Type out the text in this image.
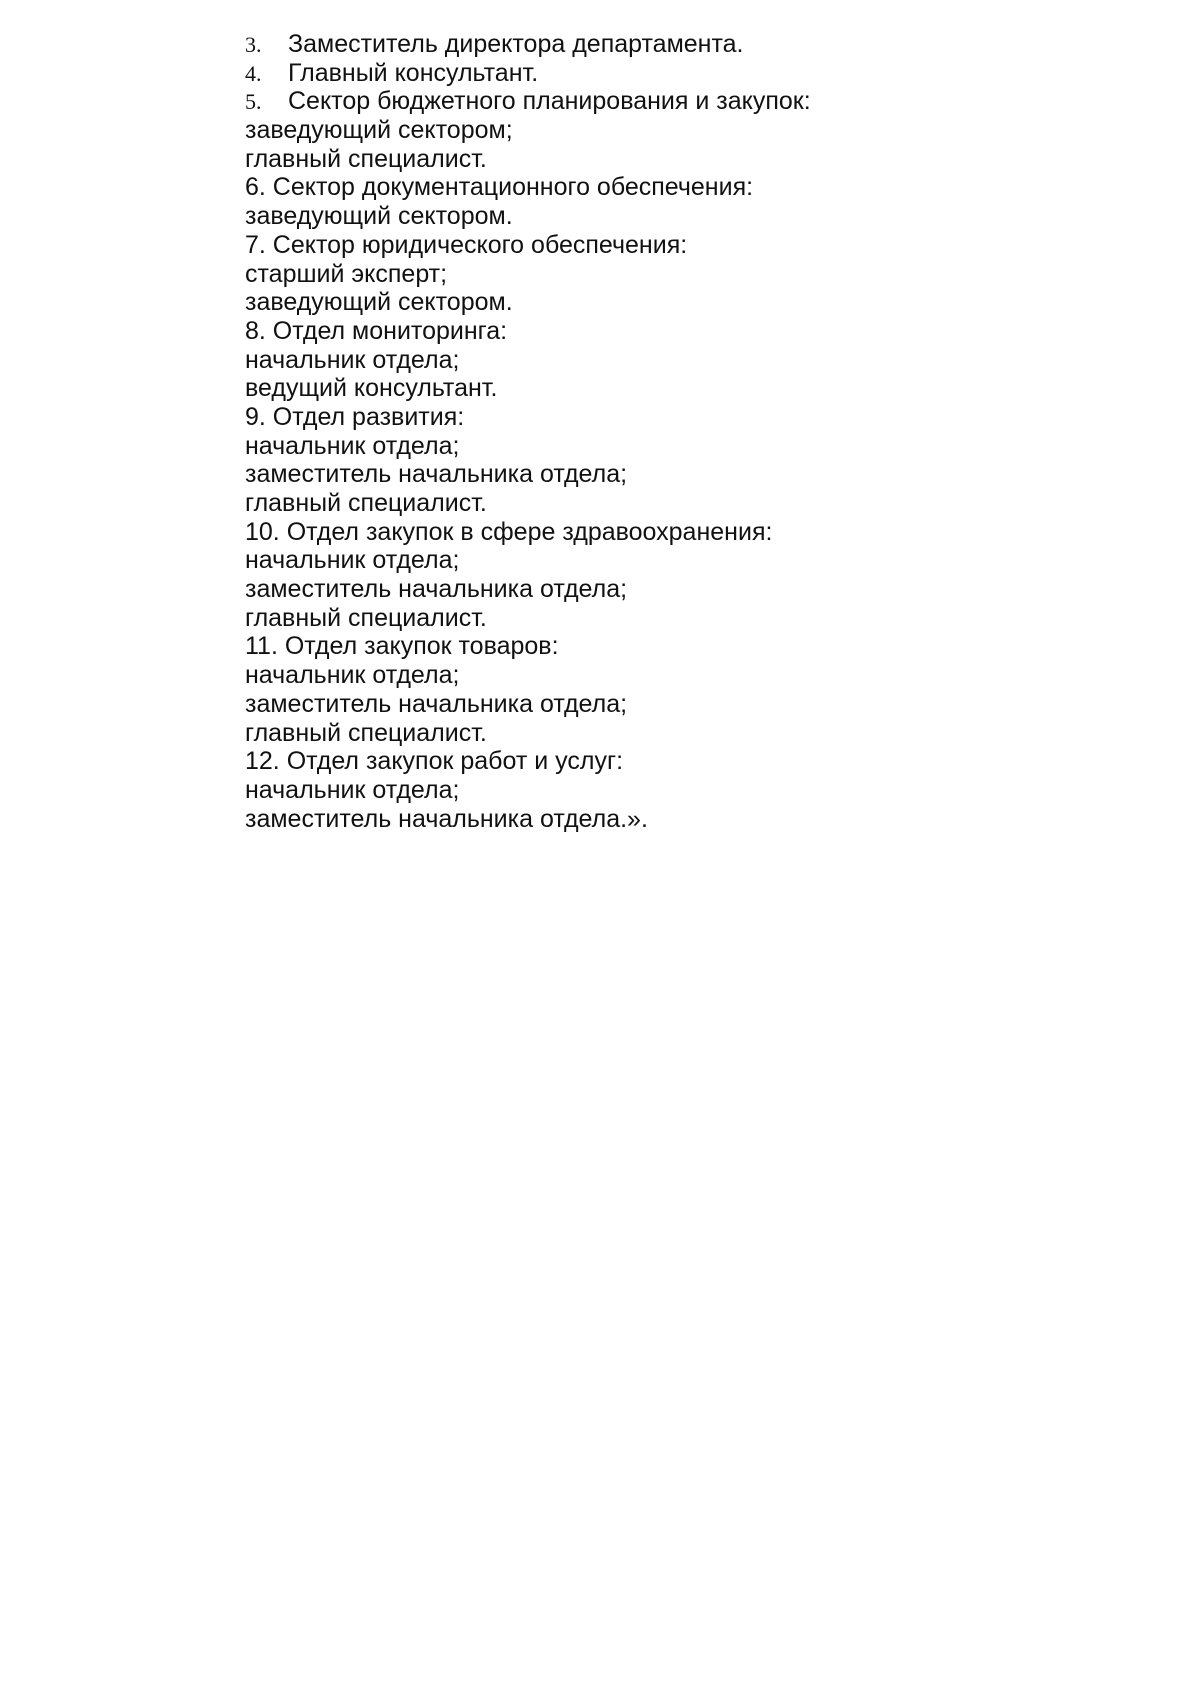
3. Заместитель директора департамента.
4. Главный консультант.
5. Сектор бюджетного планирования и закупок:
заведующий сектором;
главный специалист.
6. Сектор документационного обеспечения:
заведующий сектором.
7. Сектор юридического обеспечения:
старший эксперт;
заведующий сектором.
8. Отдел мониторинга:
начальник отдела;
ведущий консультант.
9. Отдел развития:
начальник отдела;
заместитель начальника отдела;
главный специалист.
10. Отдел закупок в сфере здравоохранения:
начальник отдела;
заместитель начальника отдела;
главный специалист.
11. Отдел закупок товаров:
начальник отдела;
заместитель начальника отдела;
главный специалист.
12. Отдел закупок работ и услуг:
начальник отдела;
заместитель начальника отдела.».
